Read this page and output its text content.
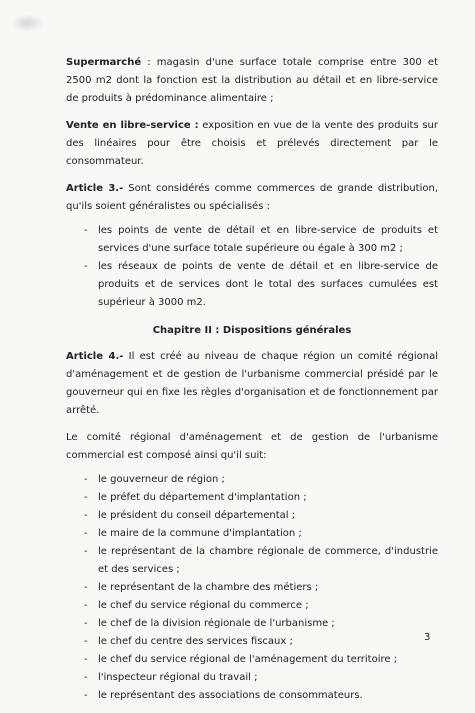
Supermarché : magasin d'une surface totale comprise entre 300 et 2500 m2 dont la fonction est la distribution au détail et en libre-service de produits à prédominance alimentaire ;

Vente en libre-service : exposition en vue de la vente des produits sur des linéaires pour être choisis et prélevés directement par le consommateur.

Article 3.- Sont considérés comme commerces de grande distribution, qu'ils soient généralistes ou spécialisés :

- les points de vente de détail et en libre-service de produits et services d'une surface totale supérieure ou égale à 300 m2 ;
- les réseaux de points de vente de détail et en libre-service de produits et de services dont le total des surfaces cumulées est supérieur à 3000 m2.
Chapitre II : Dispositions générales

Article 4.- Il est créé au niveau de chaque région un comité régional d'aménagement et de gestion de l'urbanisme commercial présidé par le gouverneur qui en fixe les règles d'organisation et de fonctionnement par arrêté.

Le comité régional d'aménagement et de gestion de l'urbanisme commercial est composé ainsi qu'il suit:

- le gouverneur de région ;
- le préfet du département d'implantation ;
- le président du conseil départemental ;
- le maire de la commune d'implantation ;
- le représentant de la chambre régionale de commerce, d'industrie et des services ;
- le représentant de la chambre des métiers ;
- le chef du service régional du commerce ;
- le chef de la division régionale de l'urbanisme ;
- le chef du centre des services fiscaux ;
- le chef du service régional de l'aménagement du territoire ;
- l'inspecteur régional du travail ;
- le représentant des associations de consommateurs.
3
